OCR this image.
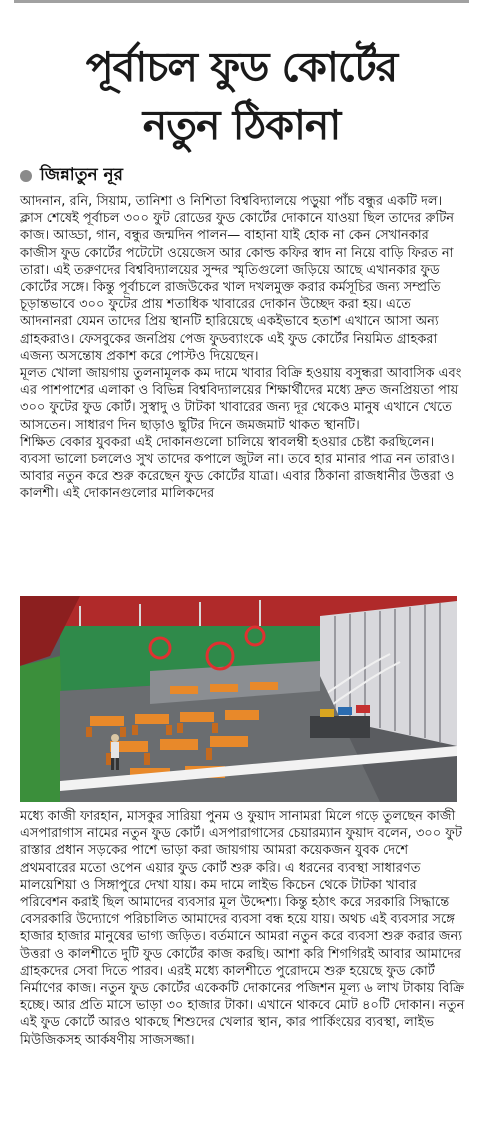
পূর্বাচল ফুড কোর্টের
নতুন ঠিকানা
জিন্নাতুন নূর

আদনান, রনি, সিয়াম, তানিশা ও নিশিতা বিশ্ববিদ্যালয়ে পড়ুয়া পাঁচ বন্ধুর একটি দল। ক্লাস শেষেই পূর্বাচল ৩০০ ফুট রোডের ফুড কোর্টের দোকানে যাওয়া ছিল তাদের রুটিন কাজ। আড্ডা, গান, বন্ধুর জন্মদিন পালন— বাহানা যাই হোক না কেন সেখানকার কাজীস ফুড কোর্টের পটেটো ওয়েজেস আর কোল্ড কফির স্বাদ না নিয়ে বাড়ি ফিরত না তারা। এই তরুণদের বিশ্ববিদ্যালয়ের সুন্দর স্মৃতিগুলো জড়িয়ে আছে এখানকার ফুড কোর্টের সঙ্গে। কিন্তু পূর্বাচলে রাজউকের খাল দখলমুক্ত করার কর্মসূচির জন্য সম্প্রতি চূড়ান্তভাবে ৩০০ ফুটের প্রায় শতাধিক খাবারের দোকান উচ্ছেদ করা হয়। এতে আদনানরা যেমন তাদের প্রিয় স্থানটি হারিয়েছে একইভাবে হতাশ এখানে আসা অন্য গ্রাহকরাও। ফেসবুকের জনপ্রিয় পেজ ফুডব্যাংকে এই ফুড কোর্টের নিয়মিত গ্রাহকরা এজন্য অসন্তোষ প্রকাশ করে পোস্টও দিয়েছেন।

মূলত খোলা জায়গায় তুলনামূলক কম দামে খাবার বিক্রি হওয়ায় বসুন্ধরা আবাসিক এবং এর পাশপাশের এলাকা ও বিভিন্ন বিশ্ববিদ্যালয়ের শিক্ষার্থীদের মধ্যে দ্রুত জনপ্রিয়তা পায় ৩০০ ফুটের ফুড কোর্ট। সুস্বাদু ও টাটকা খাবারের জন্য দূর থেকেও মানুষ এখানে খেতে আসতেন। সাধারণ দিন ছাড়াও ছুটির দিনে জমজমাট থাকত স্থানটি।

শিক্ষিত বেকার যুবকরা এই দোকানগুলো চালিয়ে স্বাবলম্বী হওয়ার চেষ্টা করছিলেন। ব্যবসা ভালো চললেও সুখ তাদের কপালে জুটল না। তবে হার মানার পাত্র নন তারাও। আবার নতুন করে শুরু করেছেন ফুড কোর্টের যাত্রা। এবার ঠিকানা রাজধানীর উত্তরা ও কালশী। এই দোকানগুলোর মালিকদের

মধ্যে কাজী ফারহান, মাসকুর সারিয়া পুনম ও ফুয়াদ সানামরা মিলে গড়ে তুলছেন কাজী এসপারাগাস নামের নতুন ফুড কোর্ট। এসপারাগাসের চেয়ারম্যান ফুয়াদ বলেন, ৩০০ ফুট রাস্তার প্রধান সড়কের পাশে ভাড়া করা জায়গায় আমরা কয়েকজন যুবক দেশে প্রথমবারের মতো ওপেন এয়ার ফুড কোর্ট শুরু করি। এ ধরনের ব্যবস্থা সাধারণত মালয়েশিয়া ও সিঙ্গাপুরে দেখা যায়। কম দামে লাইভ কিচেন থেকে টাটকা খাবার পরিবেশন করাই ছিল আমাদের ব্যবসার মূল উদ্দেশ্য। কিন্তু হঠাৎ করে সরকারি সিদ্ধান্তে বেসরকারি উদ্যোগে পরিচালিত আমাদের ব্যবসা বন্ধ হয়ে যায়। অথচ এই ব্যবসার সঙ্গে হাজার হাজার মানুষের ভাগ্য জড়িত। বর্তমানে আমরা নতুন করে ব্যবসা শুরু করার জন্য উত্তরা ও কালশীতে দুটি ফুড কোর্টের কাজ করছি। আশা করি শিগগিরই আবার আমাদের গ্রাহকদের সেবা দিতে পারব। এরই মধ্যে কালশীতে পুরোদমে শুরু হয়েছে ফুড কোর্ট নির্মাণের কাজ। নতুন ফুড কোর্টের একেকটি দোকানের পজিশন মূল্য ৬ লাখ টাকায় বিক্রি হচ্ছে। আর প্রতি মাসে ভাড়া ৩০ হাজার টাকা। এখানে থাকবে মোট ৪০টি দোকান। নতুন এই ফুড কোর্টে আরও থাকছে শিশুদের খেলার স্থান, কার পার্কিংয়ের ব্যবস্থা, লাইভ মিউজিকসহ আর্কষণীয় সাজসজ্জা।
